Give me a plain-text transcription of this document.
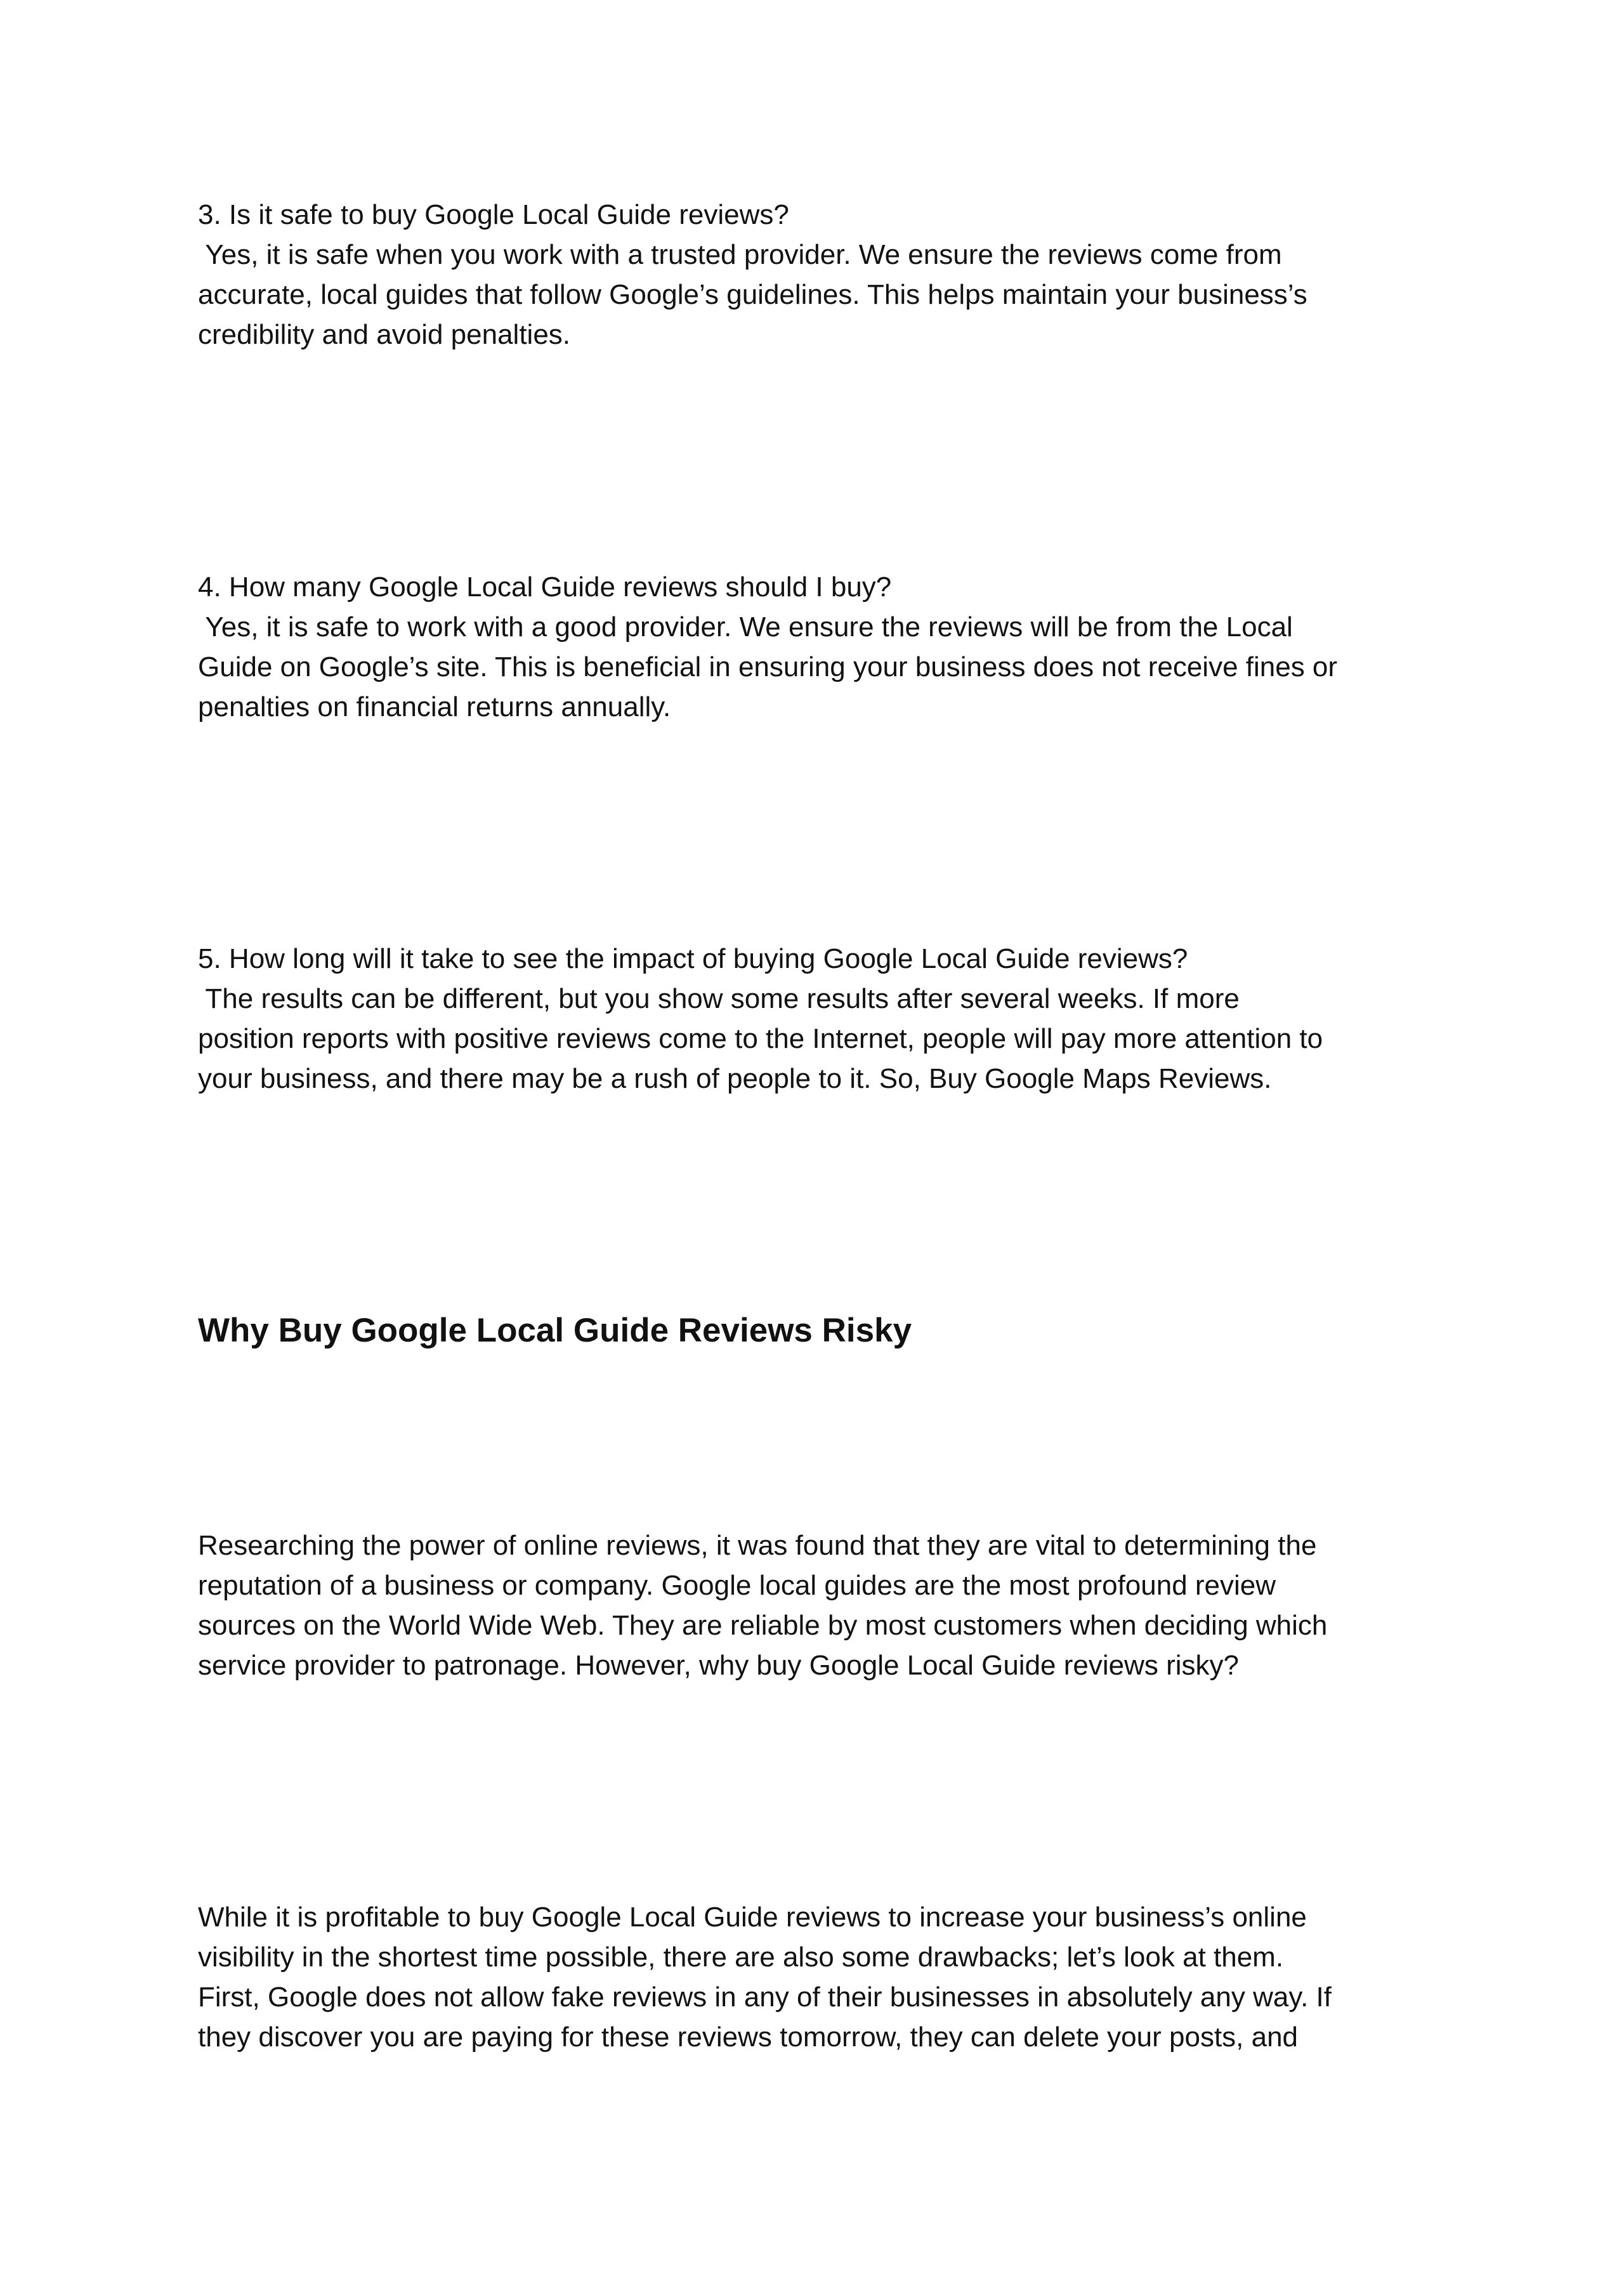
3. Is it safe to buy Google Local Guide reviews?
Yes, it is safe when you work with a trusted provider. We ensure the reviews come from
accurate, local guides that follow Google’s guidelines. This helps maintain your business’s
credibility and avoid penalties.
4. How many Google Local Guide reviews should I buy?
Yes, it is safe to work with a good provider. We ensure the reviews will be from the Local
Guide on Google’s site. This is beneficial in ensuring your business does not receive fines or
penalties on financial returns annually.
5. How long will it take to see the impact of buying Google Local Guide reviews?
The results can be different, but you show some results after several weeks. If more
position reports with positive reviews come to the Internet, people will pay more attention to
your business, and there may be a rush of people to it. So, Buy Google Maps Reviews.
Why Buy Google Local Guide Reviews Risky
Researching the power of online reviews, it was found that they are vital to determining the
reputation of a business or company. Google local guides are the most profound review
sources on the World Wide Web. They are reliable by most customers when deciding which
service provider to patronage. However, why buy Google Local Guide reviews risky?
While it is profitable to buy Google Local Guide reviews to increase your business’s online
visibility in the shortest time possible, there are also some drawbacks; let’s look at them.
First, Google does not allow fake reviews in any of their businesses in absolutely any way. If
they discover you are paying for these reviews tomorrow, they can delete your posts, and
